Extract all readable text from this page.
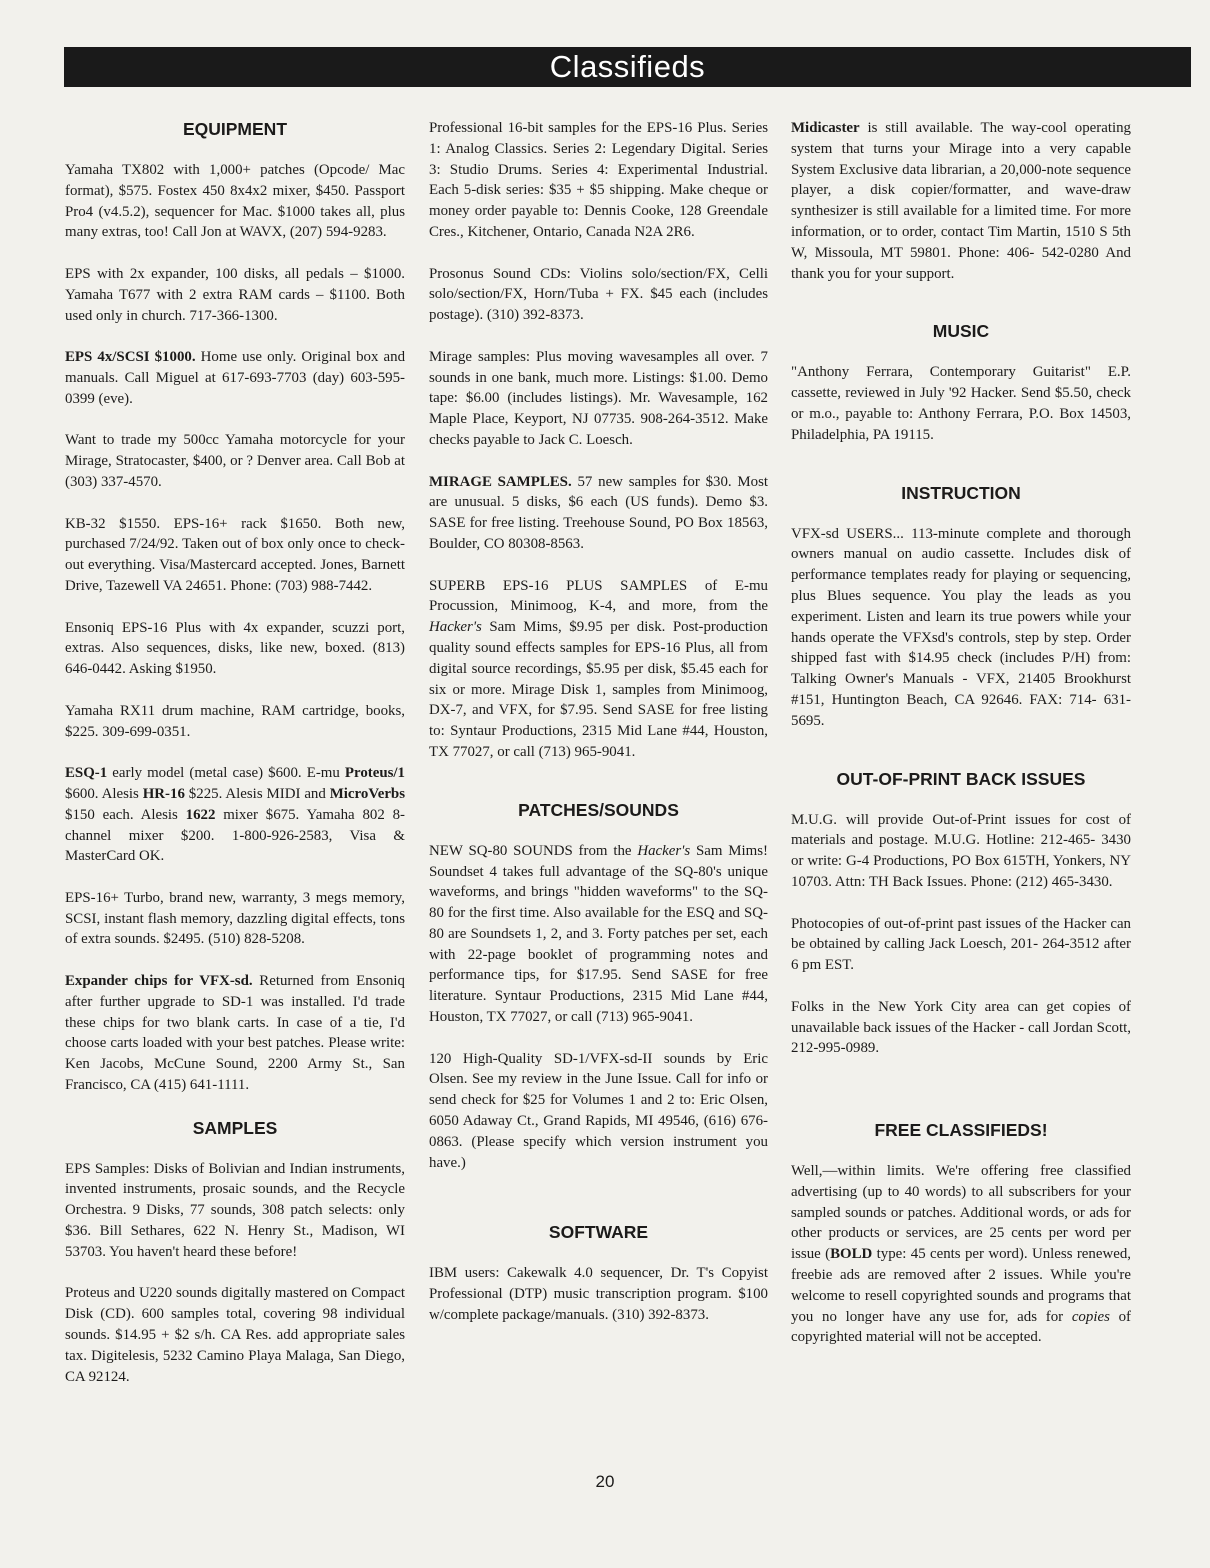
Classifieds
EQUIPMENT

Yamaha TX802 with 1,000+ patches (Opcode/ Mac format), $575. Fostex 450 8x4x2 mixer, $450. Passport Pro4 (v4.5.2), sequencer for Mac. $1000 takes all, plus many extras, too! Call Jon at WAVX, (207) 594-9283.

EPS with 2x expander, 100 disks, all pedals – $1000. Yamaha T677 with 2 extra RAM cards – $1100. Both used only in church. 717-366-1300.

EPS 4x/SCSI $1000. Home use only. Original box and manuals. Call Miguel at 617-693-7703 (day) 603-595-0399 (eve).

Want to trade my 500cc Yamaha motorcycle for your Mirage, Stratocaster, $400, or ? Denver area. Call Bob at (303) 337-4570.

KB-32 $1550. EPS-16+ rack $1650. Both new, purchased 7/24/92. Taken out of box only once to check-out everything. Visa/Mastercard accepted. Jones, Barnett Drive, Tazewell VA 24651. Phone: (703) 988-7442.

Ensoniq EPS-16 Plus with 4x expander, scuzzi port, extras. Also sequences, disks, like new, boxed. (813) 646-0442. Asking $1950.

Yamaha RX11 drum machine, RAM cartridge, books, $225. 309-699-0351.

ESQ-1 early model (metal case) $600. E-mu Proteus/1 $600. Alesis HR-16 $225. Alesis MIDI and MicroVerbs $150 each. Alesis 1622 mixer $675. Yamaha 802 8-channel mixer $200. 1-800-926-2583, Visa & MasterCard OK.

EPS-16+ Turbo, brand new, warranty, 3 megs memory, SCSI, instant flash memory, dazzling digital effects, tons of extra sounds. $2495. (510) 828-5208.

Expander chips for VFX-sd. Returned from Ensoniq after further upgrade to SD-1 was installed. I'd trade these chips for two blank carts. In case of a tie, I'd choose carts loaded with your best patches. Please write: Ken Jacobs, McCune Sound, 2200 Army St., San Francisco, CA (415) 641-1111.

SAMPLES

EPS Samples: Disks of Bolivian and Indian instruments, invented instruments, prosaic sounds, and the Recycle Orchestra. 9 Disks, 77 sounds, 308 patch selects: only $36. Bill Sethares, 622 N. Henry St., Madison, WI 53703. You haven't heard these before!

Proteus and U220 sounds digitally mastered on Compact Disk (CD). 600 samples total, covering 98 individual sounds. $14.95 + $2 s/h. CA Res. add appropriate sales tax. Digitelesis, 5232 Camino Playa Malaga, San Diego, CA 92124.

Professional 16-bit samples for the EPS-16 Plus. Series 1: Analog Classics. Series 2: Legendary Digital. Series 3: Studio Drums. Series 4: Experimental Industrial. Each 5-disk series: $35 + $5 shipping. Make cheque or money order payable to: Dennis Cooke, 128 Greendale Cres., Kitchener, Ontario, Canada N2A 2R6.

Prosonus Sound CDs: Violins solo/section/FX, Celli solo/section/FX, Horn/Tuba + FX. $45 each (includes postage). (310) 392-8373.

Mirage samples: Plus moving wavesamples all over. 7 sounds in one bank, much more. Listings: $1.00. Demo tape: $6.00 (includes listings). Mr. Wavesample, 162 Maple Place, Keyport, NJ 07735. 908-264-3512. Make checks payable to Jack C. Loesch.

MIRAGE SAMPLES. 57 new samples for $30. Most are unusual. 5 disks, $6 each (US funds). Demo $3. SASE for free listing. Treehouse Sound, PO Box 18563, Boulder, CO 80308-8563.

SUPERB EPS-16 PLUS SAMPLES of E-mu Procussion, Minimoog, K-4, and more, from the Hacker's Sam Mims, $9.95 per disk. Post-production quality sound effects samples for EPS-16 Plus, all from digital source recordings, $5.95 per disk, $5.45 each for six or more. Mirage Disk 1, samples from Minimoog, DX-7, and VFX, for $7.95. Send SASE for free listing to: Syntaur Productions, 2315 Mid Lane #44, Houston, TX 77027, or call (713) 965-9041.

PATCHES/SOUNDS

NEW SQ-80 SOUNDS from the Hacker's Sam Mims! Soundset 4 takes full advantage of the SQ-80's unique waveforms, and brings "hidden waveforms" to the SQ-80 for the first time. Also available for the ESQ and SQ-80 are Soundsets 1, 2, and 3. Forty patches per set, each with 22-page booklet of programming notes and performance tips, for $17.95. Send SASE for free literature. Syntaur Productions, 2315 Mid Lane #44, Houston, TX 77027, or call (713) 965-9041.

120 High-Quality SD-1/VFX-sd-II sounds by Eric Olsen. See my review in the June Issue. Call for info or send check for $25 for Volumes 1 and 2 to: Eric Olsen, 6050 Adaway Ct., Grand Rapids, MI 49546, (616) 676-0863. (Please specify which version instrument you have.)

SOFTWARE

IBM users: Cakewalk 4.0 sequencer, Dr. T's Copyist Professional (DTP) music transcription program. $100 w/complete package/manuals. (310) 392-8373.

Midicaster is still available. The way-cool operating system that turns your Mirage into a very capable System Exclusive data librarian, a 20,000-note sequence player, a disk copier/formatter, and wave-draw synthesizer is still available for a limited time. For more information, or to order, contact Tim Martin, 1510 S 5th W, Missoula, MT 59801. Phone: 406- 542-0280 And thank you for your support.

MUSIC

"Anthony Ferrara, Contemporary Guitarist" E.P. cassette, reviewed in July '92 Hacker. Send $5.50, check or m.o., payable to: Anthony Ferrara, P.O. Box 14503, Philadelphia, PA 19115.

INSTRUCTION

VFX-sd USERS... 113-minute complete and thorough owners manual on audio cassette. Includes disk of performance templates ready for playing or sequencing, plus Blues sequence. You play the leads as you experiment. Listen and learn its true powers while your hands operate the VFXsd's controls, step by step. Order shipped fast with $14.95 check (includes P/H) from: Talking Owner's Manuals - VFX, 21405 Brookhurst #151, Huntington Beach, CA 92646. FAX: 714- 631-5695.

OUT-OF-PRINT BACK ISSUES

M.U.G. will provide Out-of-Print issues for cost of materials and postage. M.U.G. Hotline: 212-465- 3430 or write: G-4 Productions, PO Box 615TH, Yonkers, NY 10703. Attn: TH Back Issues. Phone: (212) 465-3430.

Photocopies of out-of-print past issues of the Hacker can be obtained by calling Jack Loesch, 201- 264-3512 after 6 pm EST.

Folks in the New York City area can get copies of unavailable back issues of the Hacker - call Jordan Scott, 212-995-0989.

FREE CLASSIFIEDS!

Well,—within limits. We're offering free classified advertising (up to 40 words) to all subscribers for your sampled sounds or patches. Additional words, or ads for other products or services, are 25 cents per word per issue (BOLD type: 45 cents per word). Unless renewed, freebie ads are removed after 2 issues. While you're welcome to resell copyrighted sounds and programs that you no longer have any use for, ads for copies of copyrighted material will not be accepted.

20
